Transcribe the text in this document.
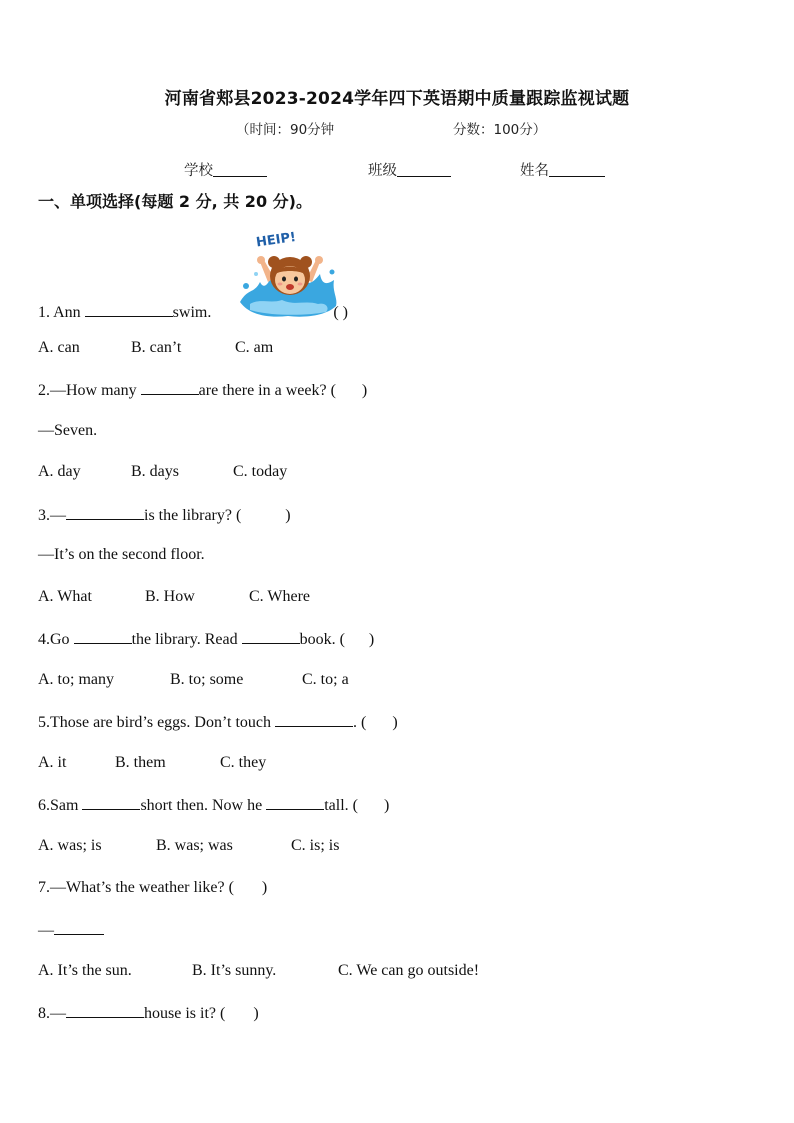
河南省郏县2023-2024学年四下英语期中质量跟踪监视试题
（时间：90分钟	分数：100分）
学校	班级	姓名
一、单项选择(每题 2 分, 共 20 分)。
HEIP!
1. Ann	swim.	( )
A. can	B. can’t	C. am
2.—How many	are there in a week? ( )
—Seven.
A. day	B. days	C. today
3.—	is the library? (	)
—It’s on the second floor.
A. What	B. How	C. Where
4.Go	the library. Read	book. ( )
A. to; many	B. to; some	C. to; a
5.Those are bird’s eggs. Don’t touch	. ( )
A. it	B. them	C. they
6.Sam	short then. Now he	tall. ( )
A. was; is	B. was; was	C. is; is
7.—What’s the weather like? ( )
—
A. It’s the sun.	B. It’s sunny.	C. We can go outside!
8.—	house is it? ( )
